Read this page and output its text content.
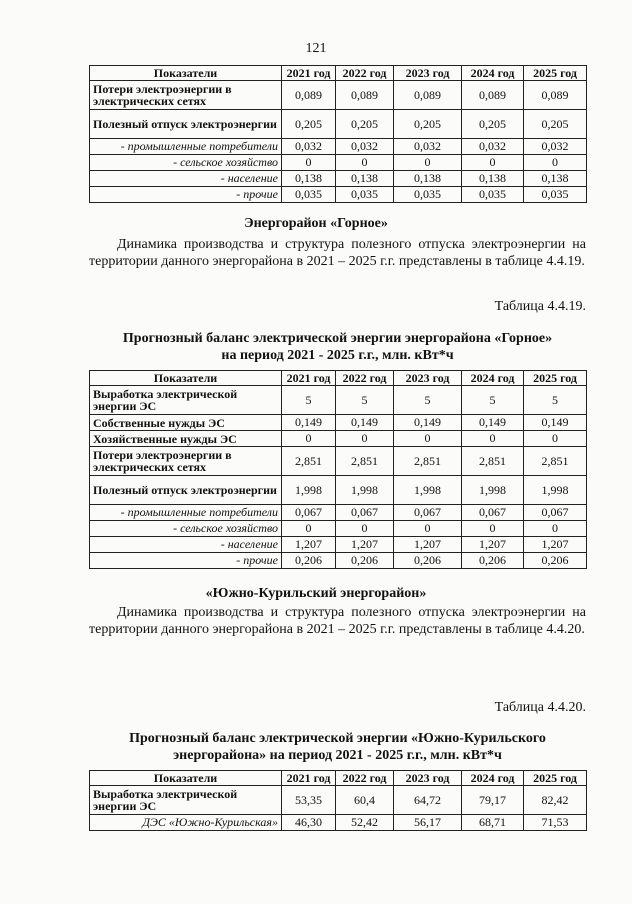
121
Показатели	2021 год	2022 год	2023 год	2024 год	2025 год
Потери электроэнергии в электрических сетях	0,089	0,089	0,089	0,089	0,089
Полезный отпуск электроэнергии	0,205	0,205	0,205	0,205	0,205
- промышленные потребители	0,032	0,032	0,032	0,032	0,032
- сельское хозяйство	0	0	0	0	0
- население	0,138	0,138	0,138	0,138	0,138
- прочие	0,035	0,035	0,035	0,035	0,035
Энергорайон «Горное»
Динамика производства и структура полезного отпуска электроэнергии на территории данного энергорайона в 2021 – 2025 г.г. представлены в таблице 4.4.19.
Таблица 4.4.19.
Прогнозный баланс электрической энергии энергорайона «Горное»
на период 2021 - 2025 г.г., млн. кВт*ч
Показатели	2021 год	2022 год	2023 год	2024 год	2025 год
Выработка электрической энергии ЭС	5	5	5	5	5
Собственные нужды ЭС	0,149	0,149	0,149	0,149	0,149
Хозяйственные нужды ЭС	0	0	0	0	0
Потери электроэнергии в электрических сетях	2,851	2,851	2,851	2,851	2,851
Полезный отпуск электроэнергии	1,998	1,998	1,998	1,998	1,998
- промышленные потребители	0,067	0,067	0,067	0,067	0,067
- сельское хозяйство	0	0	0	0	0
- население	1,207	1,207	1,207	1,207	1,207
- прочие	0,206	0,206	0,206	0,206	0,206
«Южно-Курильский энергорайон»
Динамика производства и структура полезного отпуска электроэнергии на территории данного энергорайона в 2021 – 2025 г.г. представлены в таблице 4.4.20.
Таблица 4.4.20.
Прогнозный баланс электрической энергии «Южно-Курильского
энергорайона» на период 2021 - 2025 г.г., млн. кВт*ч
Показатели	2021 год	2022 год	2023 год	2024 год	2025 год
Выработка электрической энергии ЭС	53,35	60,4	64,72	79,17	82,42
ДЭС «Южно-Курильская»	46,30	52,42	56,17	68,71	71,53
